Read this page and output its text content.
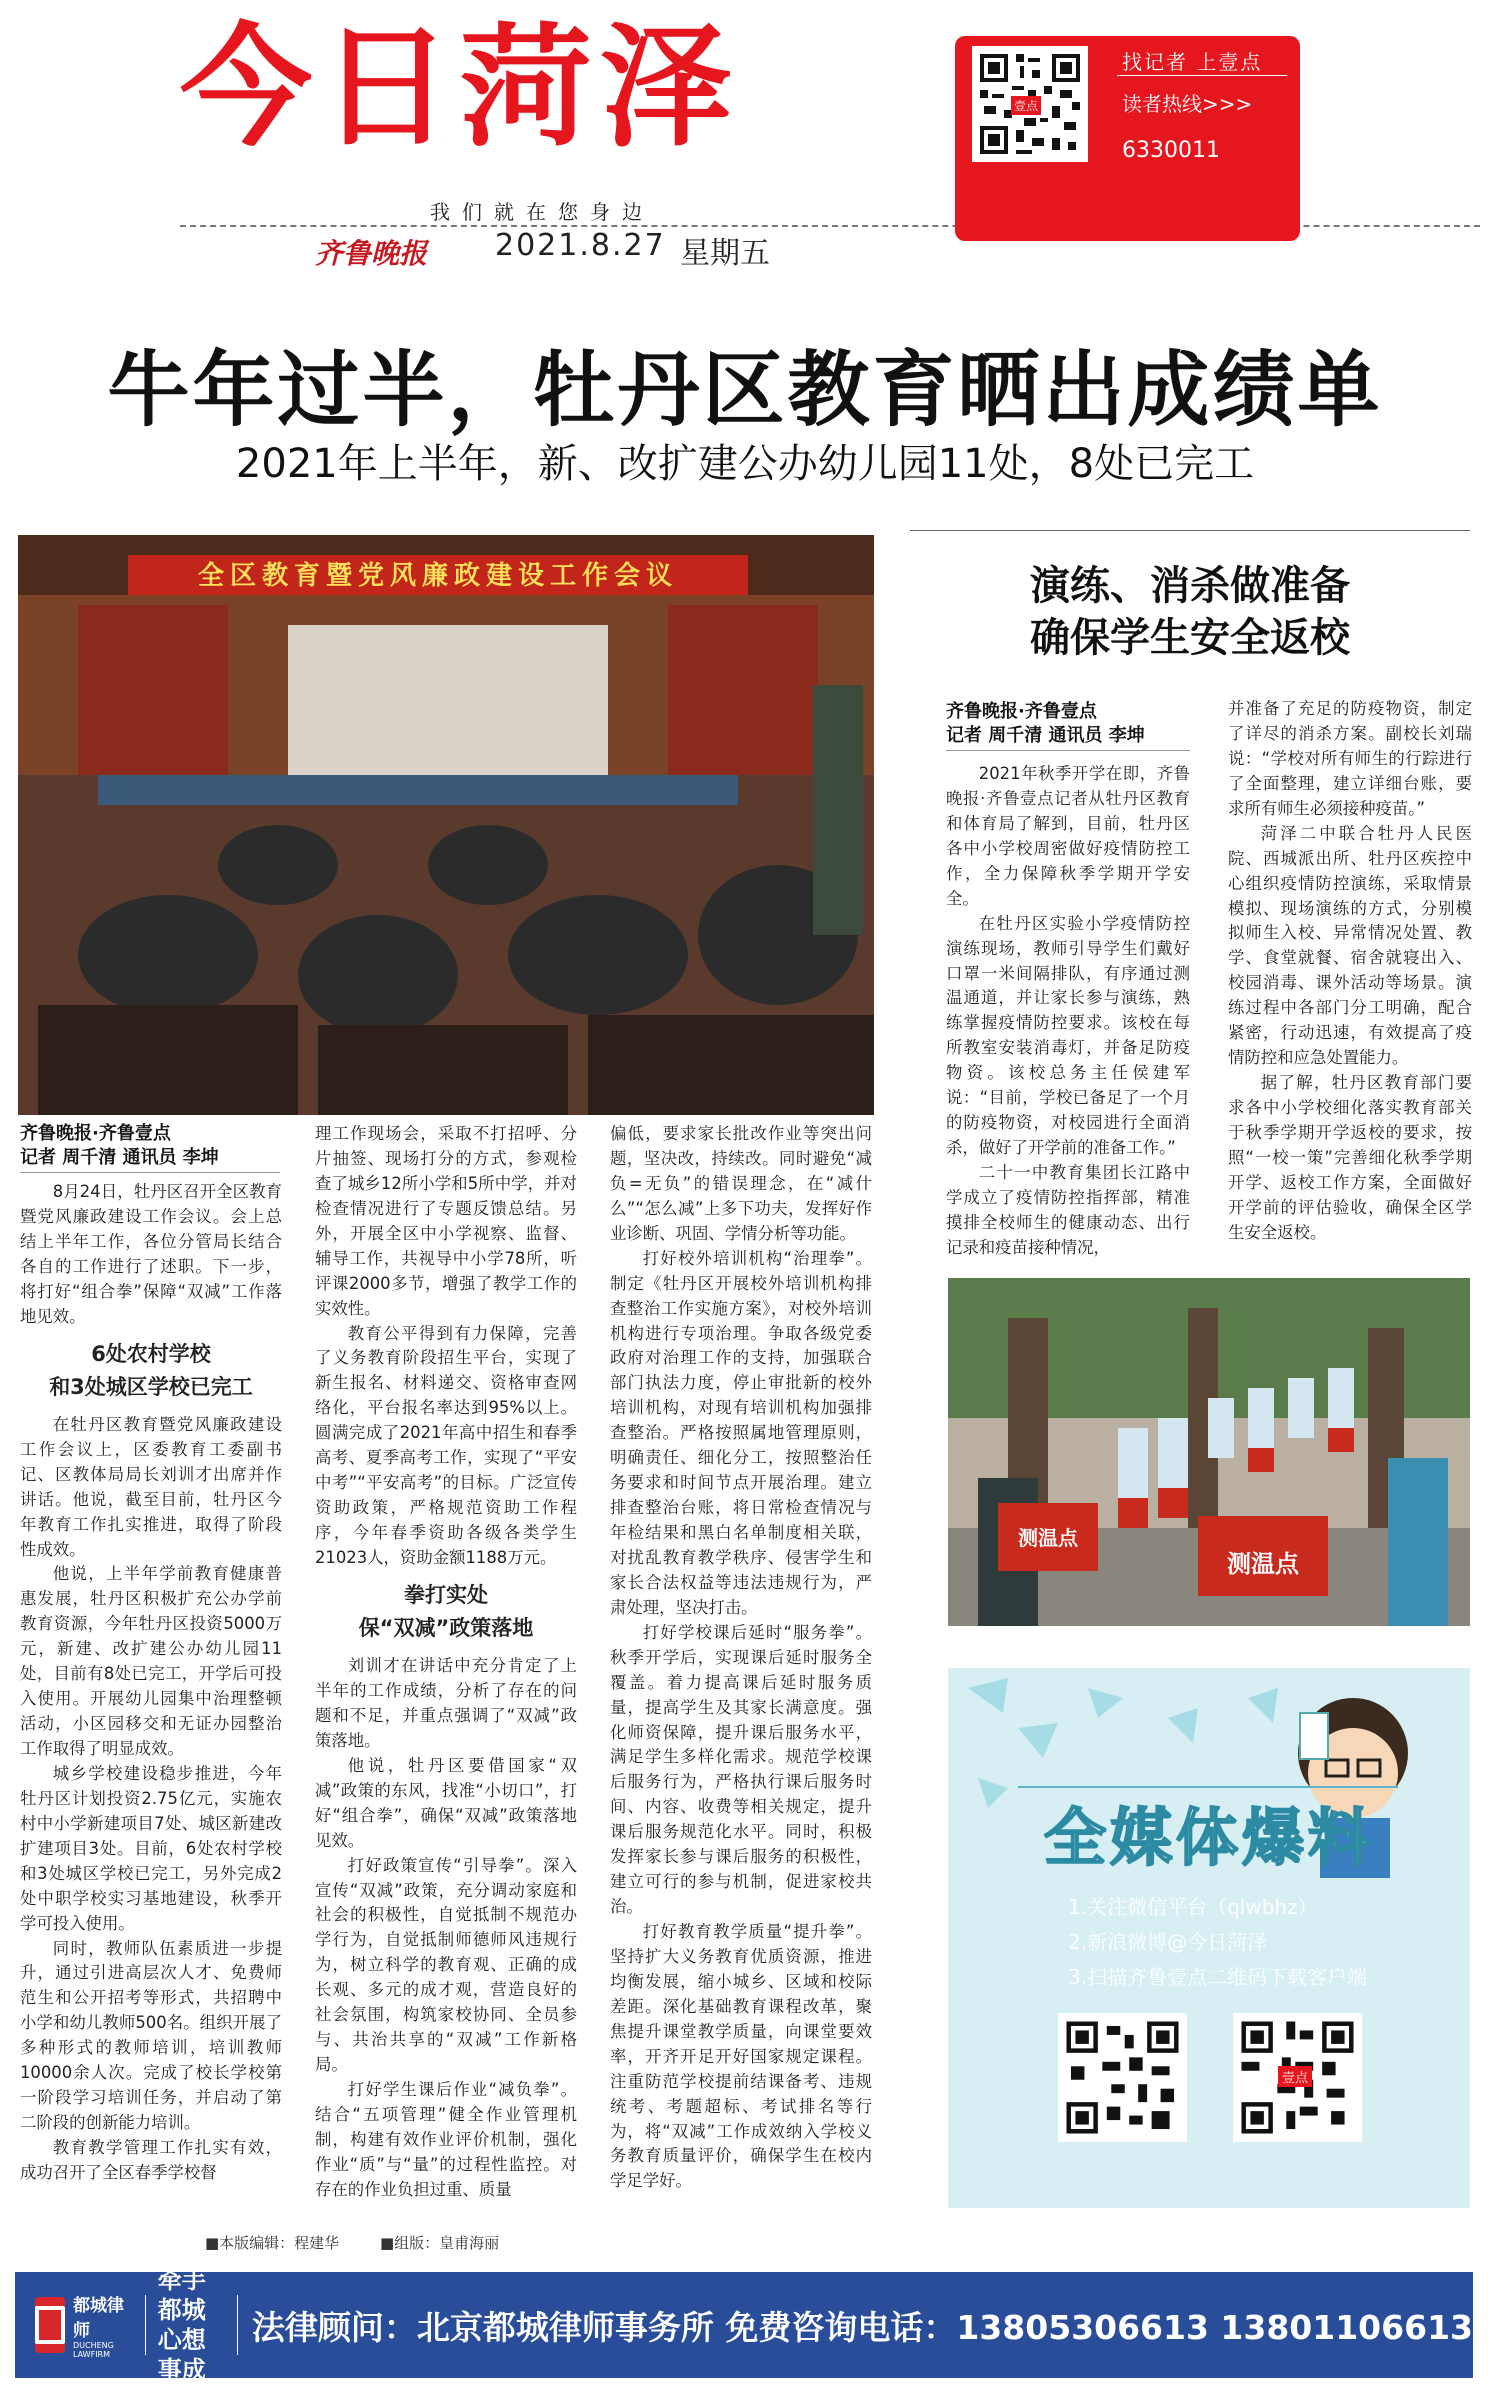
今日菏泽
我们就在您身边
齐鲁晚报 2021.8.27 星期五
壹点
找记者 上壹点
读者热线>>>
6330011
牛年过半，牡丹区教育晒出成绩单
2021年上半年，新、改扩建公办幼儿园11处，8处已完工
全区教育暨党风廉政建设工作会议	演练、消杀做准备
确保学生安全返校
齐鲁晚报·齐鲁壹点
记者 周千清 通讯员 李坤

2021年秋季开学在即，齐鲁晚报·齐鲁壹点记者从牡丹区教育和体育局了解到，目前，牡丹区各中小学校周密做好疫情防控工作，全力保障秋季学期开学安全。

在牡丹区实验小学疫情防控演练现场，教师引导学生们戴好口罩一米间隔排队，有序通过测温通道，并让家长参与演练，熟练掌握疫情防控要求。该校在每所教室安装消毒灯，并备足防疫物资。该校总务主任侯建军说：“目前，学校已备足了一个月的防疫物资，对校园进行全面消杀，做好了开学前的准备工作。”

二十一中教育集团长江路中学成立了疫情防控指挥部，精准摸排全校师生的健康动态、出行记录和疫苗接种情况，

并准备了充足的防疫物资，制定了详尽的消杀方案。副校长刘瑞说：“学校对所有师生的行踪进行了全面整理，建立详细台账，要求所有师生必须接种疫苗。”

菏泽二中联合牡丹人民医院、西城派出所、牡丹区疾控中心组织疫情防控演练，采取情景模拟、现场演练的方式，分别模拟师生入校、异常情况处置、教学、食堂就餐、宿舍就寝出入、校园消毒、课外活动等场景。演练过程中各部门分工明确，配合紧密，行动迅速，有效提高了疫情防控和应急处置能力。

据了解，牡丹区教育部门要求各中小学校细化落实教育部关于秋季学期开学返校的要求，按照“一校一策”完善细化秋季学期开学、返校工作方案，全面做好开学前的评估验收，确保全区学生安全返校。

测温点
测温点
全媒体爆料
1.关注微信平台（qlwbhz）
2.新浪微博@今日菏泽
3.扫描齐鲁壹点二维码下载客户端
壹点
齐鲁晚报·齐鲁壹点
记者 周千清 通讯员 李坤

8月24日，牡丹区召开全区教育暨党风廉政建设工作会议。会上总结上半年工作，各位分管局长结合各自的工作进行了述职。下一步，将打好“组合拳”保障“双减”工作落地见效。

6处农村学校
和3处城区学校已完工

在牡丹区教育暨党风廉政建设工作会议上，区委教育工委副书记、区教体局局长刘训才出席并作讲话。他说，截至目前，牡丹区今年教育工作扎实推进，取得了阶段性成效。

他说，上半年学前教育健康普惠发展，牡丹区积极扩充公办学前教育资源，今年牡丹区投资5000万元，新建、改扩建公办幼儿园11处，目前有8处已完工，开学后可投入使用。开展幼儿园集中治理整顿活动，小区园移交和无证办园整治工作取得了明显成效。

城乡学校建设稳步推进，今年牡丹区计划投资2.75亿元，实施农村中小学新建项目7处、城区新建改扩建项目3处。目前，6处农村学校和3处城区学校已完工，另外完成2处中职学校实习基地建设，秋季开学可投入使用。

同时，教师队伍素质进一步提升，通过引进高层次人才、免费师范生和公开招考等形式，共招聘中小学和幼儿教师500名。组织开展了多种形式的教师培训，培训教师10000余人次。完成了校长学校第一阶段学习培训任务，并启动了第二阶段的创新能力培训。

教育教学管理工作扎实有效，成功召开了全区春季学校督

理工作现场会，采取不打招呼、分片抽签、现场打分的方式，参观检查了城乡12所小学和5所中学，并对检查情况进行了专题反馈总结。另外，开展全区中小学视察、监督、辅导工作，共视导中小学78所，听评课2000多节，增强了教学工作的实效性。

教育公平得到有力保障，完善了义务教育阶段招生平台，实现了新生报名、材料递交、资格审查网络化，平台报名率达到95%以上。圆满完成了2021年高中招生和春季高考、夏季高考工作，实现了“平安中考”“平安高考”的目标。广泛宣传资助政策，严格规范资助工作程序，今年春季资助各级各类学生21023人，资助金额1188万元。

拳打实处
保“双减”政策落地

刘训才在讲话中充分肯定了上半年的工作成绩，分析了存在的问题和不足，并重点强调了“双减”政策落地。

他说，牡丹区要借国家“双减”政策的东风，找准“小切口”，打好“组合拳”，确保“双减”政策落地见效。

打好政策宣传“引导拳”。深入宣传“双减”政策，充分调动家庭和社会的积极性，自觉抵制不规范办学行为，自觉抵制师德师风违规行为，树立科学的教育观、正确的成长观、多元的成才观，营造良好的社会氛围，构筑家校协同、全员参与、共治共享的“双减”工作新格局。

打好学生课后作业“减负拳”。结合“五项管理”健全作业管理机制，构建有效作业评价机制，强化作业“质”与“量”的过程性监控。对存在的作业负担过重、质量

偏低，要求家长批改作业等突出问题，坚决改，持续改。同时避免“减负=无负”的错误理念，在“减什么”“怎么减”上多下功夫，发挥好作业诊断、巩固、学情分析等功能。

打好校外培训机构“治理拳”。制定《牡丹区开展校外培训机构排查整治工作实施方案》，对校外培训机构进行专项治理。争取各级党委政府对治理工作的支持，加强联合部门执法力度，停止审批新的校外培训机构，对现有培训机构加强排查整治。严格按照属地管理原则，明确责任、细化分工，按照整治任务要求和时间节点开展治理。建立排查整治台账，将日常检查情况与年检结果和黑白名单制度相关联，对扰乱教育教学秩序、侵害学生和家长合法权益等违法违规行为，严肃处理，坚决打击。

打好学校课后延时“服务拳”。秋季开学后，实现课后延时服务全覆盖。着力提高课后延时服务质量，提高学生及其家长满意度。强化师资保障，提升课后服务水平，满足学生多样化需求。规范学校课后服务行为，严格执行课后服务时间、内容、收费等相关规定，提升课后服务规范化水平。同时，积极发挥家长参与课后服务的积极性，建立可行的参与机制，促进家校共治。

打好教育教学质量“提升拳”。坚持扩大义务教育优质资源，推进均衡发展，缩小城乡、区域和校际差距。深化基础教育课程改革，聚焦提升课堂教学质量，向课堂要效率，开齐开足开好国家规定课程。注重防范学校提前结课备考、违规统考、考题超标、考试排名等行为，将“双减”工作成效纳入学校义务教育质量评价，确保学生在校内学足学好。

■本版编辑：程建华	■组版：皇甫海丽
都城律师
DUCHENG LAWFIRM
牵手都城
心想事成
法律顾问：北京都城律师事务所 免费咨询电话：13805306613 13801106613
